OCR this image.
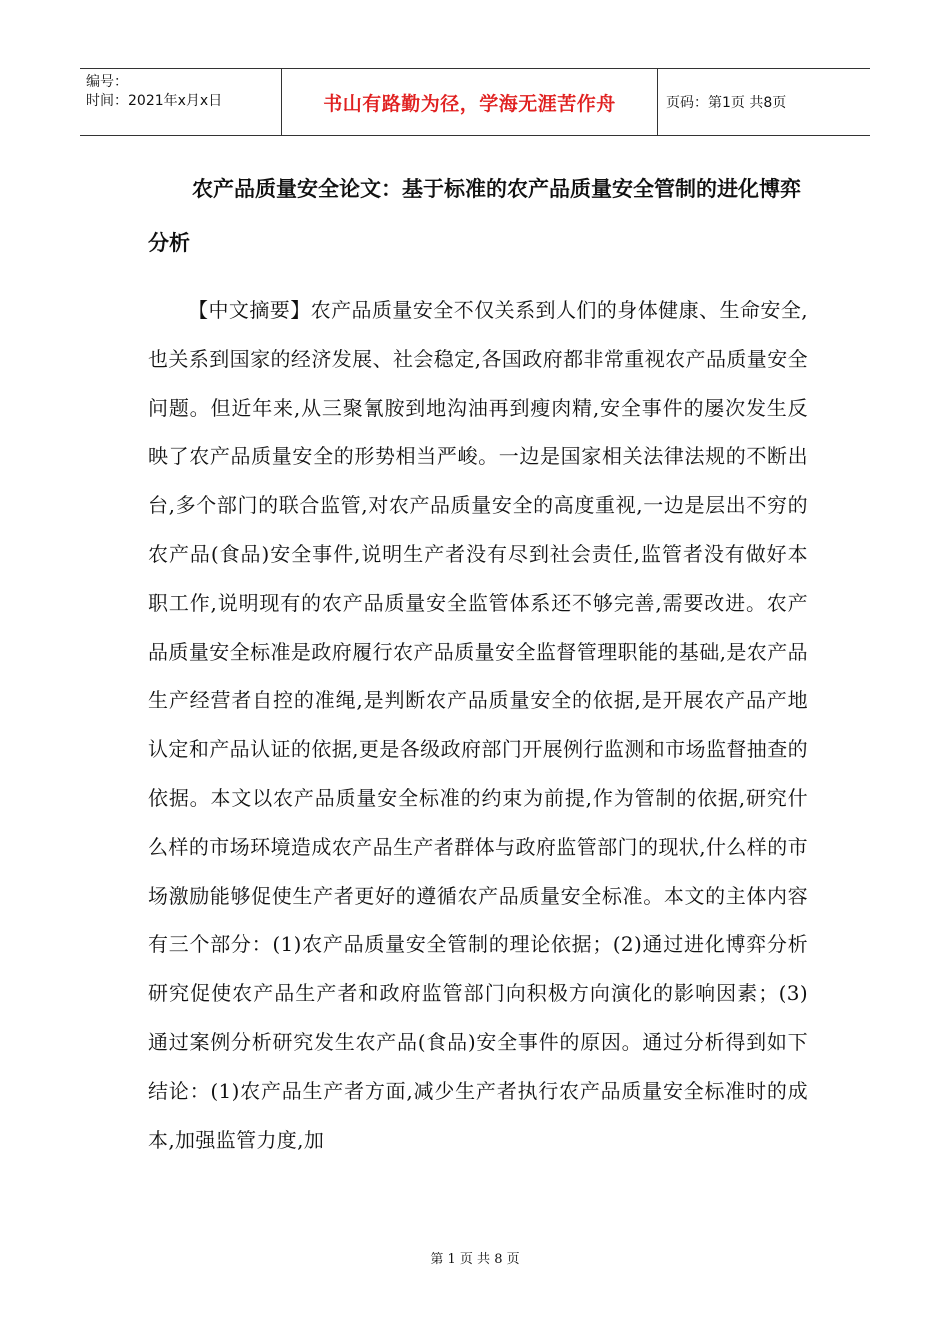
编号：
时间：2021年x月x日	书山有路勤为径，学海无涯苦作舟	页码：第1页 共8页
农产品质量安全论文：基于标准的农产品质量安全管制的进化博弈分析

【中文摘要】农产品质量安全不仅关系到人们的身体健康、生命安全,也关系到国家的经济发展、社会稳定,各国政府都非常重视农产品质量安全问题。但近年来,从三聚氰胺到地沟油再到瘦肉精,安全事件的屡次发生反映了农产品质量安全的形势相当严峻。一边是国家相关法律法规的不断出台,多个部门的联合监管,对农产品质量安全的高度重视,一边是层出不穷的农产品(食品)安全事件,说明生产者没有尽到社会责任,监管者没有做好本职工作,说明现有的农产品质量安全监管体系还不够完善,需要改进。农产品质量安全标准是政府履行农产品质量安全监督管理职能的基础,是农产品生产经营者自控的准绳,是判断农产品质量安全的依据,是开展农产品产地认定和产品认证的依据,更是各级政府部门开展例行监测和市场监督抽查的依据。本文以农产品质量安全标准的约束为前提,作为管制的依据,研究什么样的市场环境造成农产品生产者群体与政府监管部门的现状,什么样的市场激励能够促使生产者更好的遵循农产品质量安全标准。本文的主体内容有三个部分：(1)农产品质量安全管制的理论依据；(2)通过进化博弈分析研究促使农产品生产者和政府监管部门向积极方向演化的影响因素；(3)通过案例分析研究发生农产品(食品)安全事件的原因。通过分析得到如下结论：(1)农产品生产者方面,减少生产者执行农产品质量安全标准时的成本,加强监管力度,加

第 1 页 共 8 页
